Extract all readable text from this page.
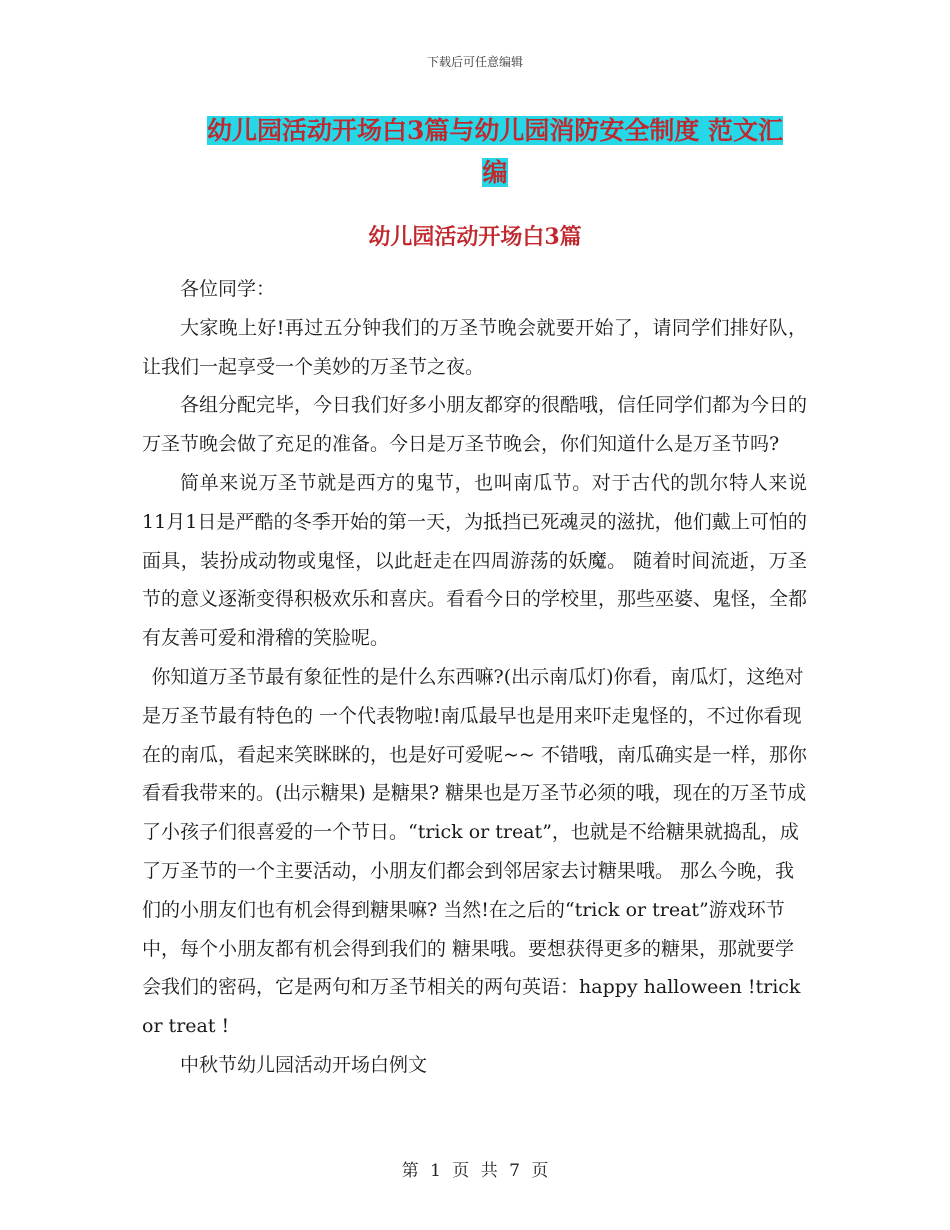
下载后可任意编辑
幼儿园活动开场白3篇与幼儿园消防安全制度 范文汇
编
幼儿园活动开场白3篇

各位同学：

大家晚上好!再过五分钟我们的万圣节晚会就要开始了，请同学们排好队，让我们一起享受一个美妙的万圣节之夜。

各组分配完毕，今日我们好多小朋友都穿的很酷哦，信任同学们都为今日的万圣节晚会做了充足的准备。今日是万圣节晚会，你们知道什么是万圣节吗?

简单来说万圣节就是西方的鬼节，也叫南瓜节。对于古代的凯尔特人来说11月1日是严酷的冬季开始的第一天，为抵挡已死魂灵的滋扰，他们戴上可怕的面具，装扮成动物或鬼怪，以此赶走在四周游荡的妖魔。 随着时间流逝，万圣节的意义逐渐变得积极欢乐和喜庆。看看今日的学校里，那些巫婆、鬼怪，全都有友善可爱和滑稽的笑脸呢。

你知道万圣节最有象征性的是什么东西嘛?(出示南瓜灯)你看，南瓜灯，这绝对是万圣节最有特色的 一个代表物啦!南瓜最早也是用来吓走鬼怪的，不过你看现在的南瓜，看起来笑眯眯的，也是好可爱呢~~ 不错哦，南瓜确实是一样，那你看看我带来的。(出示糖果) 是糖果? 糖果也是万圣节必须的哦，现在的万圣节成了小孩子们很喜爱的一个节日。“trick or treat”，也就是不给糖果就捣乱，成了万圣节的一个主要活动，小朋友们都会到邻居家去讨糖果哦。 那么今晚，我们的小朋友们也有机会得到糖果嘛? 当然!在之后的“trick or treat”游戏环节中，每个小朋友都有机会得到我们的 糖果哦。要想获得更多的糖果，那就要学会我们的密码，它是两句和万圣节相关的两句英语：happy halloween !trick or treat !

中秋节幼儿园活动开场白例文

第 1 页 共 7 页
